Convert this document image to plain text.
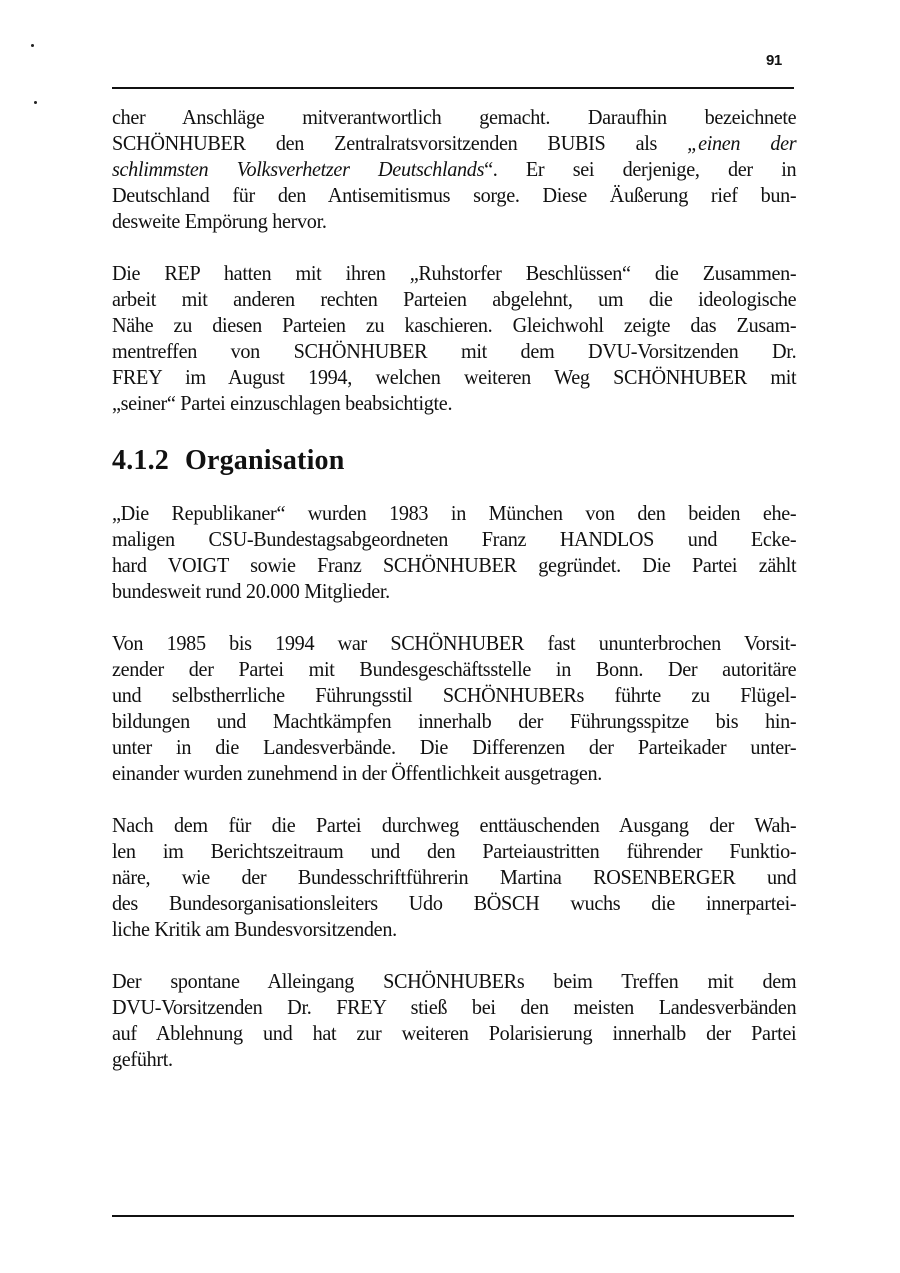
91

cher Anschläge mitverantwortlich gemacht. Daraufhin bezeichnete
SCHÖNHUBER den Zentralratsvorsitzenden BUBIS als „einen der
schlimmsten Volksverhetzer Deutschlands“. Er sei derjenige, der in
Deutschland für den Antisemitismus sorge. Diese Äußerung rief bun-
desweite Empörung hervor.

Die REP hatten mit ihren „Ruhstorfer Beschlüssen“ die Zusammen-
arbeit mit anderen rechten Parteien abgelehnt, um die ideologische
Nähe zu diesen Parteien zu kaschieren. Gleichwohl zeigte das Zusam-
mentreffen von SCHÖNHUBER mit dem DVU-Vorsitzenden Dr.
FREY im August 1994, welchen weiteren Weg SCHÖNHUBER mit
„seiner“ Partei einzuschlagen beabsichtigte.

4.1.2 Organisation

„Die Republikaner“ wurden 1983 in München von den beiden ehe-
maligen CSU-Bundestagsabgeordneten Franz HANDLOS und Ecke-
hard VOIGT sowie Franz SCHÖNHUBER gegründet. Die Partei zählt
bundesweit rund 20.000 Mitglieder.

Von 1985 bis 1994 war SCHÖNHUBER fast ununterbrochen Vorsit-
zender der Partei mit Bundesgeschäftsstelle in Bonn. Der autoritäre
und selbstherrliche Führungsstil SCHÖNHUBERs führte zu Flügel-
bildungen und Machtkämpfen innerhalb der Führungsspitze bis hin-
unter in die Landesverbände. Die Differenzen der Parteikader unter-
einander wurden zunehmend in der Öffentlichkeit ausgetragen.

Nach dem für die Partei durchweg enttäuschenden Ausgang der Wah-
len im Berichtszeitraum und den Parteiaustritten führender Funktio-
näre, wie der Bundesschriftführerin Martina ROSENBERGER und
des Bundesorganisationsleiters Udo BÖSCH wuchs die innerpartei-
liche Kritik am Bundesvorsitzenden.

Der spontane Alleingang SCHÖNHUBERs beim Treffen mit dem
DVU-Vorsitzenden Dr. FREY stieß bei den meisten Landesverbänden
auf Ablehnung und hat zur weiteren Polarisierung innerhalb der Partei
geführt.
